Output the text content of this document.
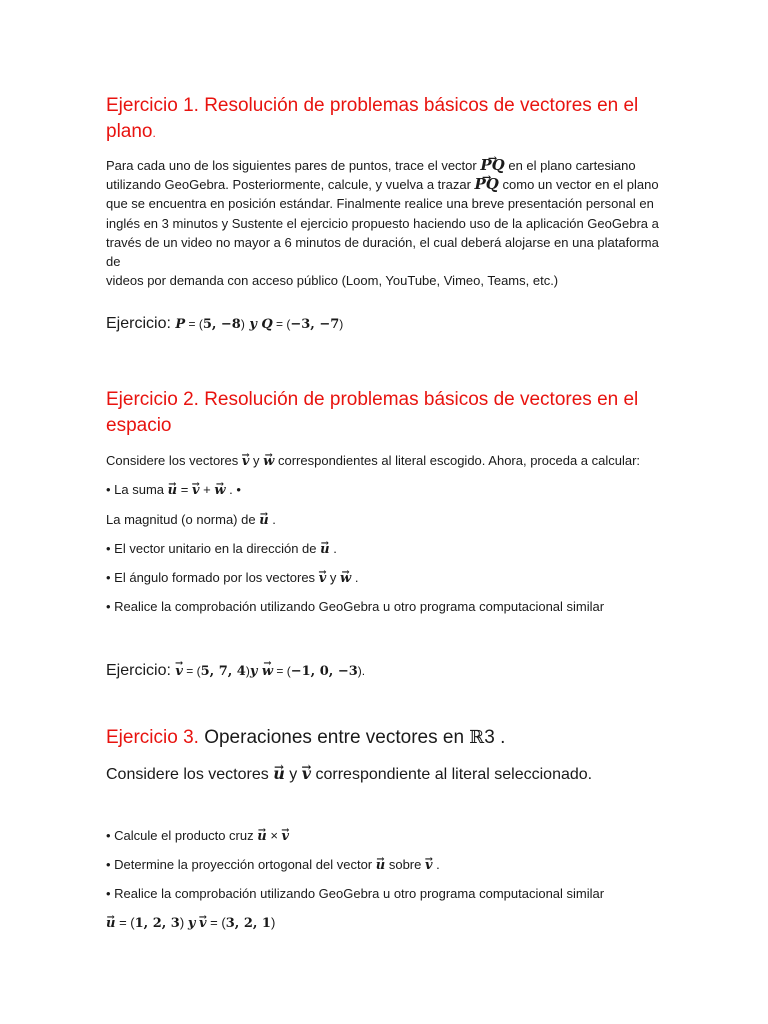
Ejercicio 1. Resolución de problemas básicos de vectores en el
plano.
Para cada uno de los siguientes pares de puntos, trace el vector → PQ en el plano cartesiano
utilizando GeoGebra. Posteriormente, calcule, y vuelva a trazar → PQ como un vector en el plano
que se encuentra en posición estándar. Finalmente realice una breve presentación personal en
inglés en 3 minutos y Sustente el ejercicio propuesto haciendo uso de la aplicación GeoGebra a
través de un video no mayor a 6 minutos de duración, el cual deberá alojarse en una plataforma de
videos por demanda con acceso público (Loom, YouTube, Vimeo, Teams, etc.)
Ejercicio: P = (5, −8) y Q = (−3, −7)
Ejercicio 2. Resolución de problemas básicos de vectores en el
espacio
Considere los vectores → v y → w correspondientes al literal escogido. Ahora, proceda a calcular:
• La suma → u = → v + → w . •
La magnitud (o norma) de → u .
• El vector unitario en la dirección de → u .
• El ángulo formado por los vectores → v y → w .
• Realice la comprobación utilizando GeoGebra u otro programa computacional similar
Ejercicio: → v = (5, 7, 4)y → w = (−1, 0, −3).
Ejercicio 3. Operaciones entre vectores en ℝ3 .
Considere los vectores → u y → v correspondiente al literal seleccionado.
• Calcule el producto cruz → u × → v
• Determine la proyección ortogonal del vector → u sobre → v .
• Realice la comprobación utilizando GeoGebra u otro programa computacional similar
→ u = (1, 2, 3) y → v = (3, 2, 1)
